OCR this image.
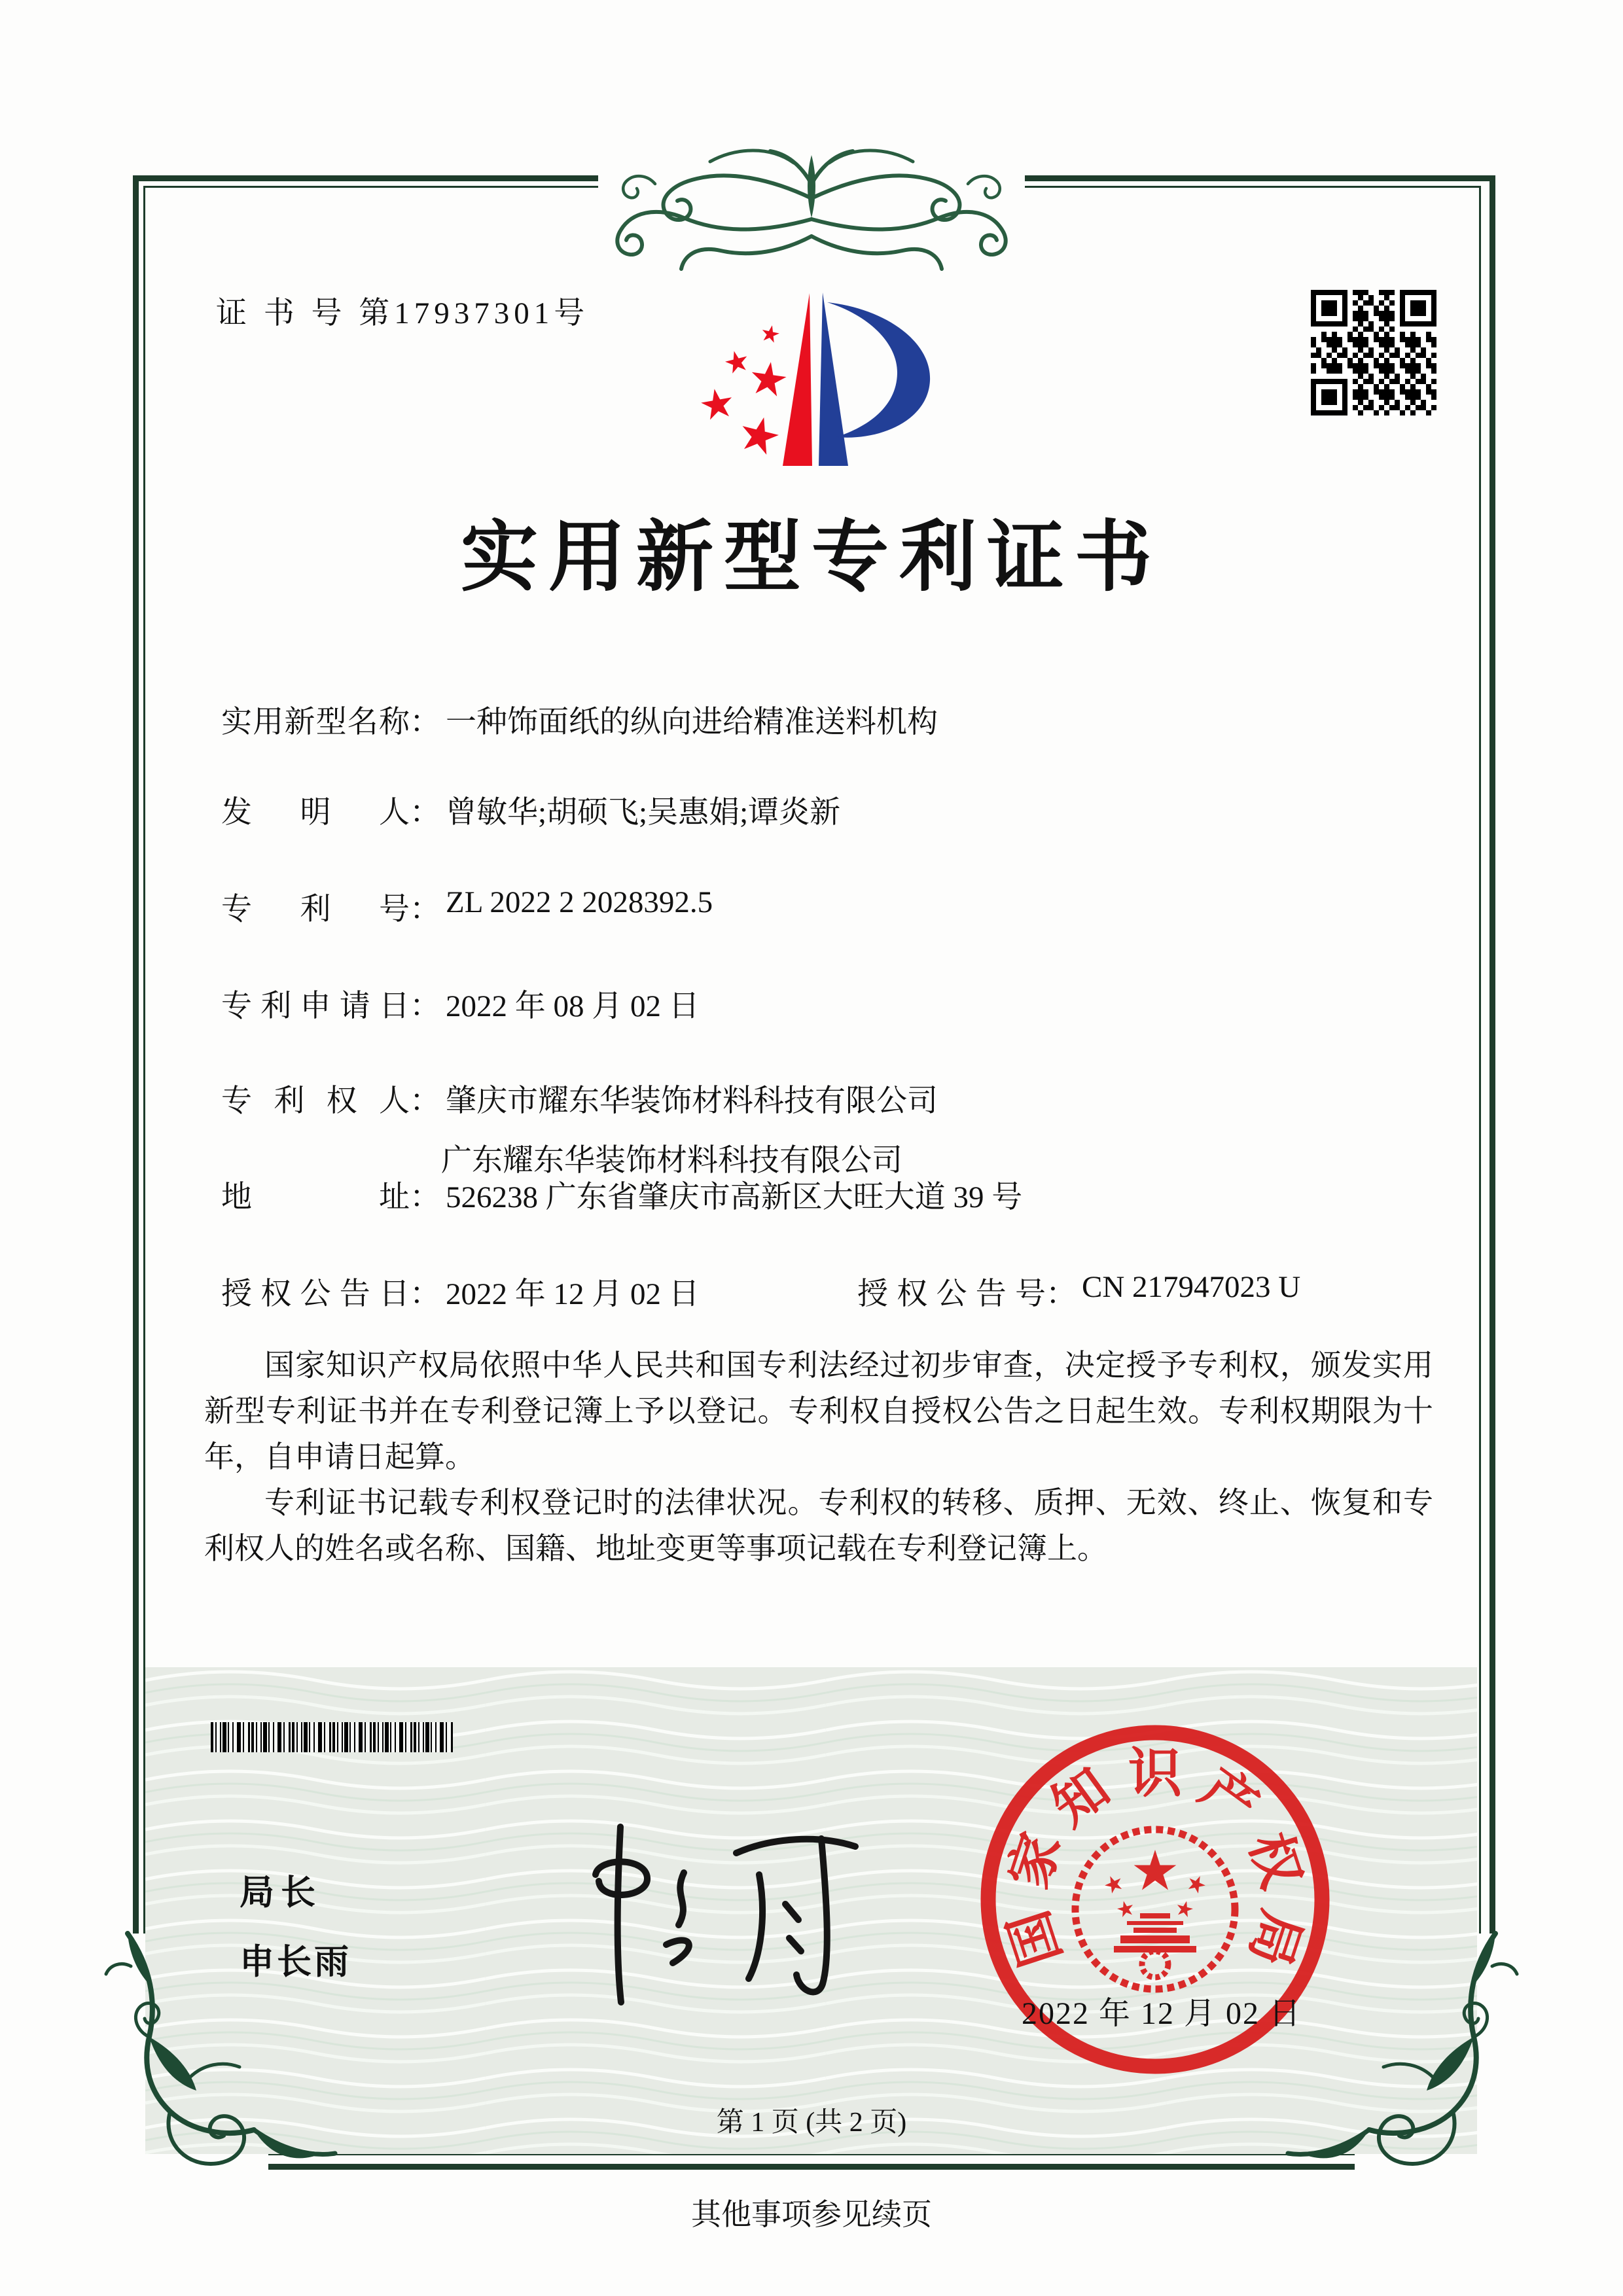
证 书 号 第17937301号
实用新型专利证书
实用新型名称： 一种饰面纸的纵向进给精准送料机构
发明人： 曾敏华;胡硕飞;吴惠娟;谭炎新
专利号： ZL 2022 2 2028392.5
专利申请日： 2022 年 08 月 02 日
专利权人： 肇庆市耀东华装饰材料科技有限公司
广东耀东华装饰材料科技有限公司
地址： 526238 广东省肇庆市高新区大旺大道 39 号
授权公告日： 2022 年 12 月 02 日	授权公告号： CN 217947023 U

国家知识产权局依照中华人民共和国专利法经过初步审查，决定授予专利权，颁发实用新型专利证书并在专利登记簿上予以登记。专利权自授权公告之日起生效。专利权期限为十年，自申请日起算。

专利证书记载专利权登记时的法律状况。专利权的转移、质押、无效、终止、恢复和专利权人的姓名或名称、国籍、地址变更等事项记载在专利登记簿上。

局长
申长雨	国
家
知 识 产
权
局
2022 年 12 月 02 日
第 1 页 (共 2 页)
其他事项参见续页
